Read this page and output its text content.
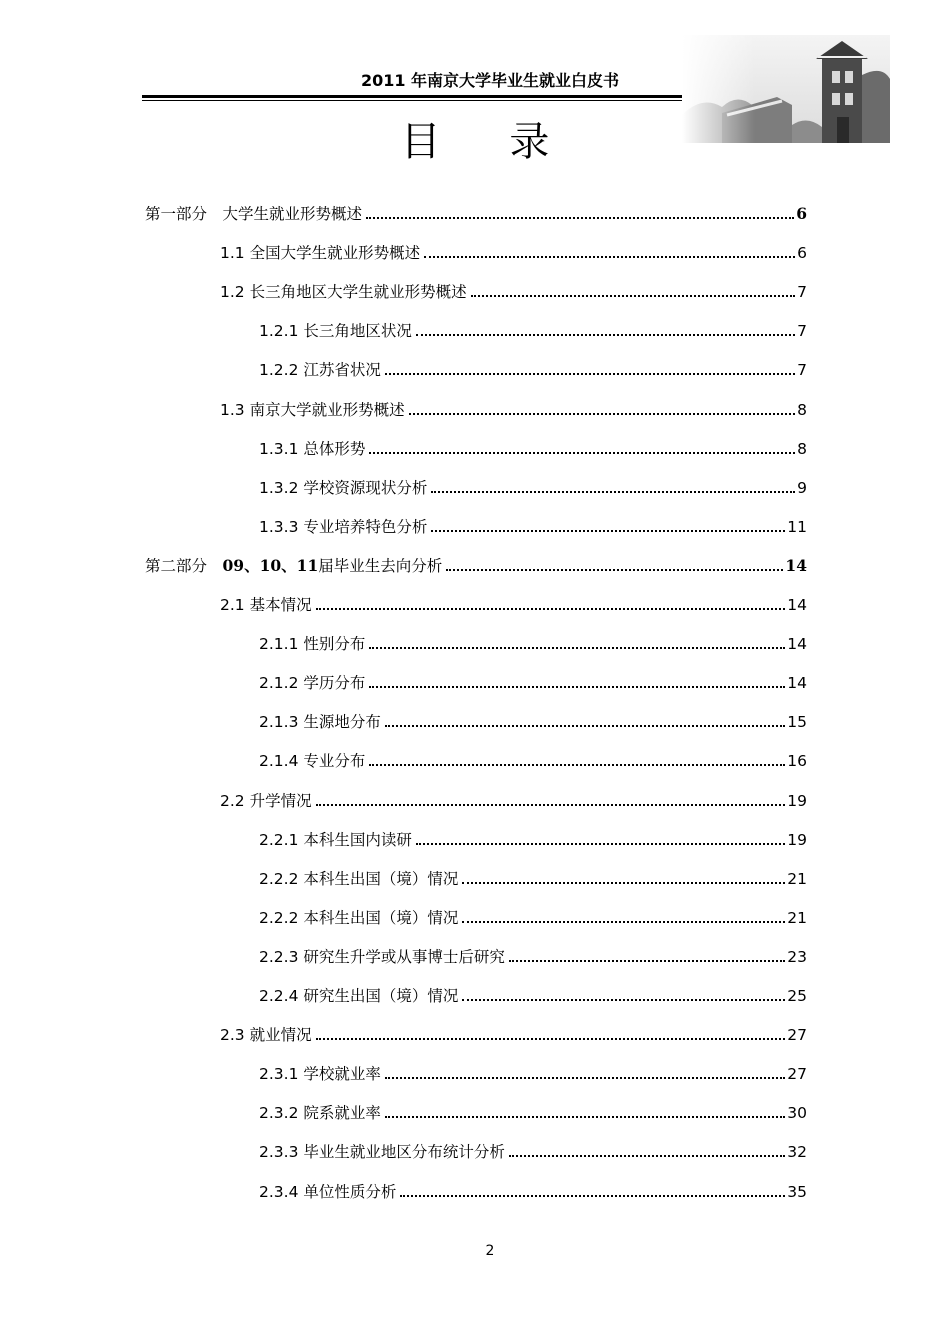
2011 年南京大学毕业生就业白皮书
目 录
第一部分　大学生就业形势概述	6
1.1 全国大学生就业形势概述	6
1.2 长三角地区大学生就业形势概述	7
1.2.1 长三角地区状况	7
1.2.2 江苏省状况	7
1.3 南京大学就业形势概述	8
1.3.1 总体形势	8
1.3.2 学校资源现状分析	9
1.3.3 专业培养特色分析	11
第二部分　09、10、11届毕业生去向分析	14
2.1 基本情况	14
2.1.1 性别分布	14
2.1.2 学历分布	14
2.1.3 生源地分布	15
2.1.4 专业分布	16
2.2 升学情况	19
2.2.1 本科生国内读研	19
2.2.2 本科生出国（境）情况	21
2.2.2 本科生出国（境）情况	21
2.2.3 研究生升学或从事博士后研究	23
2.2.4 研究生出国（境）情况	25
2.3 就业情况	27
2.3.1 学校就业率	27
2.3.2 院系就业率	30
2.3.3 毕业生就业地区分布统计分析	32
2.3.4 单位性质分析	35
2
